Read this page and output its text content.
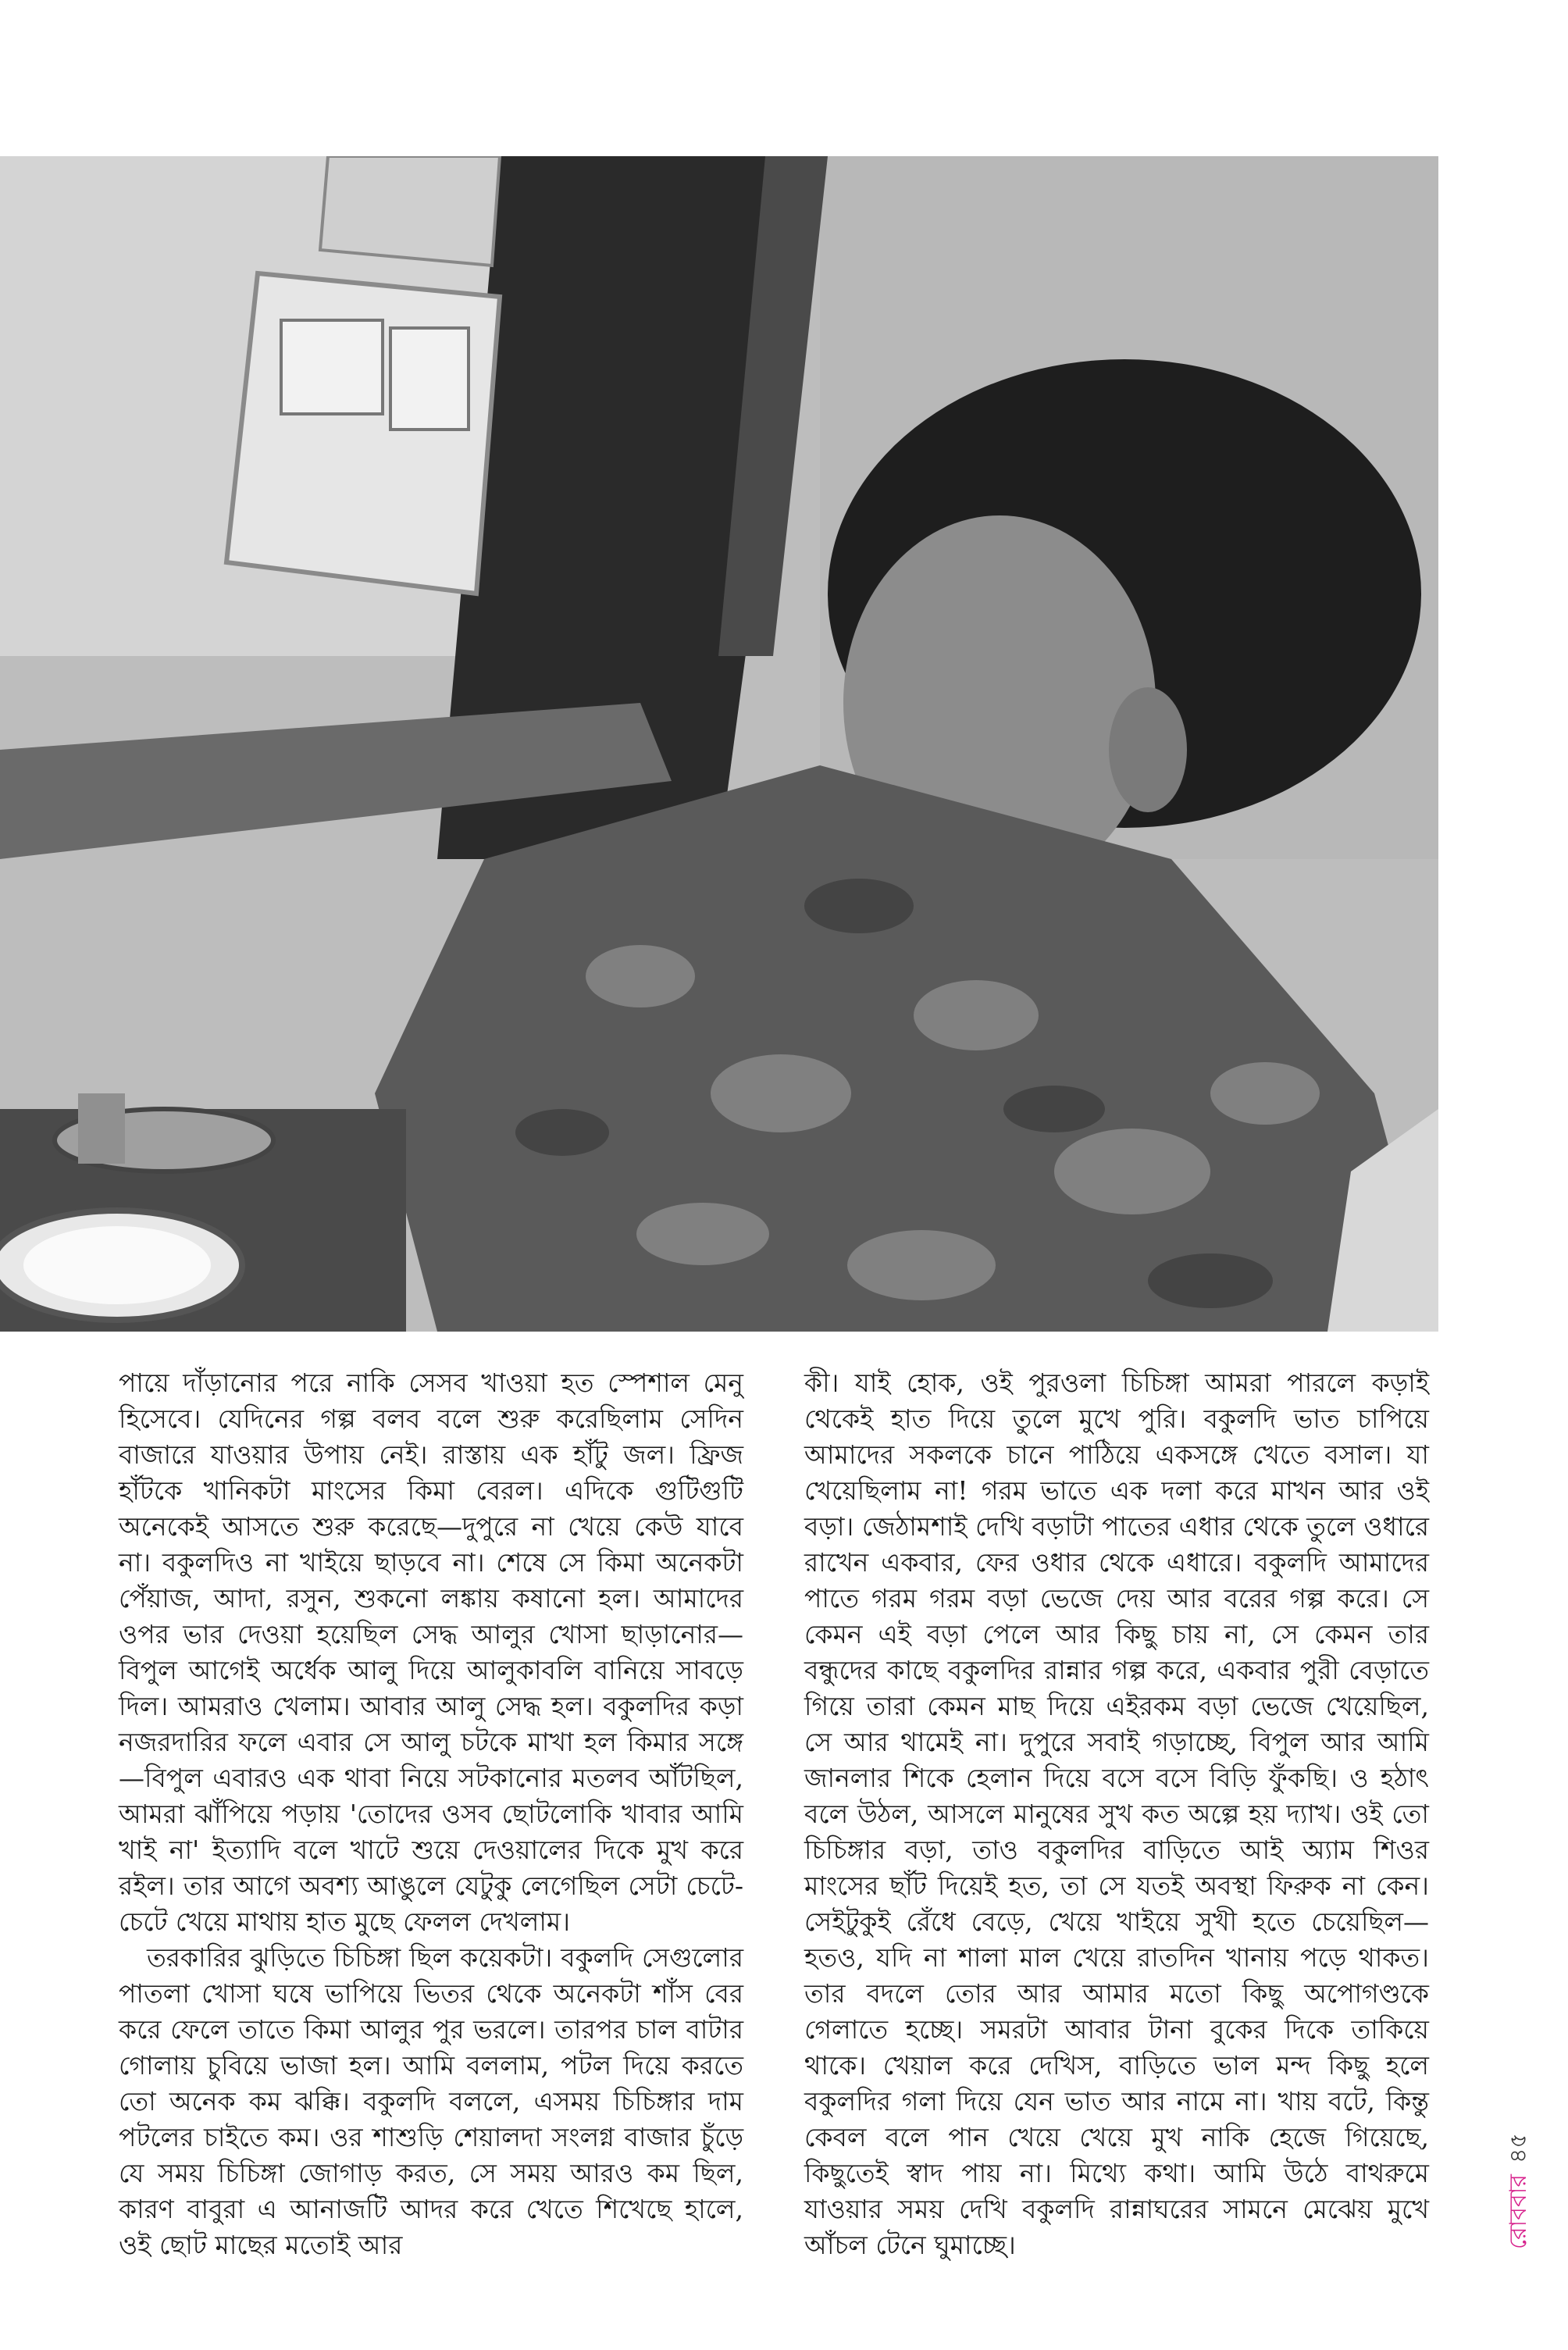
পায়ে দাঁড়ানোর পরে নাকি সেসব খাওয়া হত স্পেশাল মেনু হিসেবে। যেদিনের গল্প বলব বলে শুরু করেছিলাম সেদিন বাজারে যাওয়ার উপায় নেই। রাস্তায় এক হাঁটু জল। ফ্রিজ হাঁটকে খানিকটা মাংসের কিমা বেরল। এদিকে গুটিগুটি অনেকেই আসতে শুরু করেছে—দুপুরে না খেয়ে কেউ যাবে না। বকুলদিও না খাইয়ে ছাড়বে না। শেষে সে কিমা অনেকটা পেঁয়াজ, আদা, রসুন, শুকনো লঙ্কায় কষানো হল। আমাদের ওপর ভার দেওয়া হয়েছিল সেদ্ধ আলুর খোসা ছাড়ানোর—বিপুল আগেই অর্ধেক আলু দিয়ে আলুকাবলি বানিয়ে সাবড়ে দিল। আমরাও খেলাম। আবার আলু সেদ্ধ হল। বকুলদির কড়া নজরদারির ফলে এবার সে আলু চটকে মাখা হল কিমার সঙ্গে—বিপুল এবারও এক থাবা নিয়ে সটকানোর মতলব আঁটছিল, আমরা ঝাঁপিয়ে পড়ায় 'তোদের ওসব ছোটলোকি খাবার আমি খাই না' ইত্যাদি বলে খাটে শুয়ে দেওয়ালের দিকে মুখ করে রইল। তার আগে অবশ্য আঙুলে যেটুকু লেগেছিল সেটা চেটে-চেটে খেয়ে মাথায় হাত মুছে ফেলল দেখলাম।

তরকারির ঝুড়িতে চিচিঙ্গা ছিল কয়েকটা। বকুলদি সেগুলোর পাতলা খোসা ঘষে ভাপিয়ে ভিতর থেকে অনেকটা শাঁস বের করে ফেলে তাতে কিমা আলুর পুর ভরলে। তারপর চাল বাটার গোলায় চুবিয়ে ভাজা হল। আমি বললাম, পটল দিয়ে করতে তো অনেক কম ঝক্কি। বকুলদি বললে, এসময় চিচিঙ্গার দাম পটলের চাইতে কম। ওর শাশুড়ি শেয়ালদা সংলগ্ন বাজার চুঁড়ে যে সময় চিচিঙ্গা জোগাড় করত, সে সময় আরও কম ছিল, কারণ বাবুরা এ আনাজটি আদর করে খেতে শিখেছে হালে, ওই ছোট মাছের মতোই আর

কী। যাই হোক, ওই পুরওলা চিচিঙ্গা আমরা পারলে কড়াই থেকেই হাত দিয়ে তুলে মুখে পুরি। বকুলদি ভাত চাপিয়ে আমাদের সকলকে চানে পাঠিয়ে একসঙ্গে খেতে বসাল। যা খেয়েছিলাম না! গরম ভাতে এক দলা করে মাখন আর ওই বড়া। জেঠামশাই দেখি বড়াটা পাতের এধার থেকে তুলে ওধারে রাখেন একবার, ফের ওধার থেকে এধারে। বকুলদি আমাদের পাতে গরম গরম বড়া ভেজে দেয় আর বরের গল্প করে। সে কেমন এই বড়া পেলে আর কিছু চায় না, সে কেমন তার বন্ধুদের কাছে বকুলদির রান্নার গল্প করে, একবার পুরী বেড়াতে গিয়ে তারা কেমন মাছ দিয়ে এইরকম বড়া ভেজে খেয়েছিল, সে আর থামেই না। দুপুরে সবাই গড়াচ্ছে, বিপুল আর আমি জানলার শিকে হেলান দিয়ে বসে বসে বিড়ি ফুঁকছি। ও হঠাৎ বলে উঠল, আসলে মানুষের সুখ কত অল্পে হয় দ্যাখ। ওই তো চিচিঙ্গার বড়া, তাও বকুলদির বাড়িতে আই অ্যাম শিওর মাংসের ছাঁট দিয়েই হত, তা সে যতই অবস্থা ফিরুক না কেন। সেইটুকুই রেঁধে বেড়ে, খেয়ে খাইয়ে সুখী হতে চেয়েছিল—হতও, যদি না শালা মাল খেয়ে রাতদিন খানায় পড়ে থাকত। তার বদলে তোর আর আমার মতো কিছু অপোগণ্ডকে গেলাতে হচ্ছে। সমরটা আবার টানা বুকের দিকে তাকিয়ে থাকে। খেয়াল করে দেখিস, বাড়িতে ভাল মন্দ কিছু হলে বকুলদির গলা দিয়ে যেন ভাত আর নামে না। খায় বটে, কিন্তু কেবল বলে পান খেয়ে খেয়ে মুখ নাকি হেজে গিয়েছে, কিছুতেই স্বাদ পায় না। মিথ্যে কথা। আমি উঠে বাথরুমে যাওয়ার সময় দেখি বকুলদি রান্নাঘরের সামনে মেঝেয় মুখে আঁচল টেনে ঘুমাচ্ছে।	রোববার৪৫
